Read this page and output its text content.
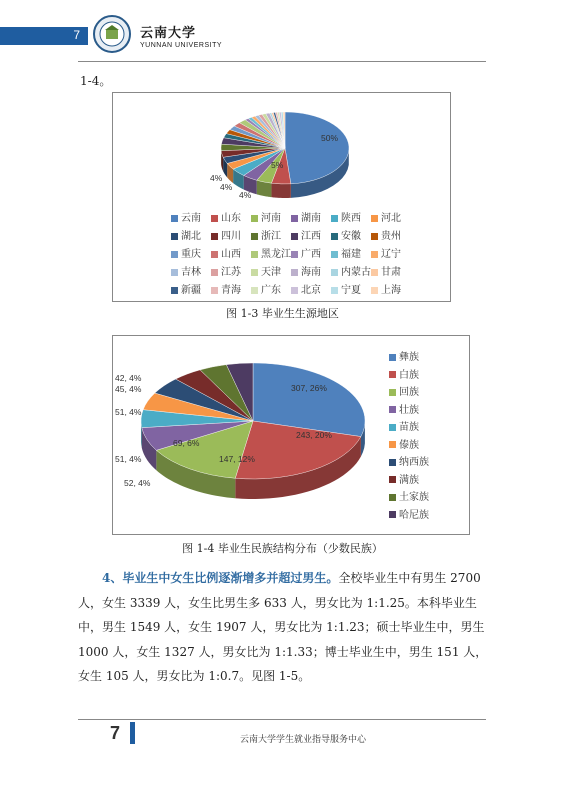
7	云南大学
YUNNAN UNIVERSITY
1-4。
50%
5%
4%
4%
4%
云南	山东	河南	湖南	陕西	河北
湖北	四川	浙江	江西	安徽	贵州
重庆	山西	黑龙江	广西	福建	辽宁
吉林	江苏	天津	海南	内蒙古	甘肃
新疆	青海	广东	北京	宁夏	上海
图 1-3 毕业生生源地区
307, 26%
243, 20%
147, 12%
69, 6%
52, 4%
51, 4%
51, 4%
45, 4%
42, 4%
彝族
白族
回族
壮族
苗族
傣族
纳西族
满族
土家族
哈尼族
图 1-4 毕业生民族结构分布（少数民族）
4、毕业生中女生比例逐渐增多并超过男生。全校毕业生中有男生 2700 人，女生 3339 人，女生比男生多 633 人，男女比为 1:1.25。本科毕业生中，男生 1549 人，女生 1907 人，男女比为 1:1.23；硕士毕业生中，男生 1000 人，女生 1327 人，男女比为 1:1.33；博士毕业生中，男生 151 人，女生 105 人，男女比为 1:0.7。见图 1-5。
7	云南大学学生就业指导服务中心
